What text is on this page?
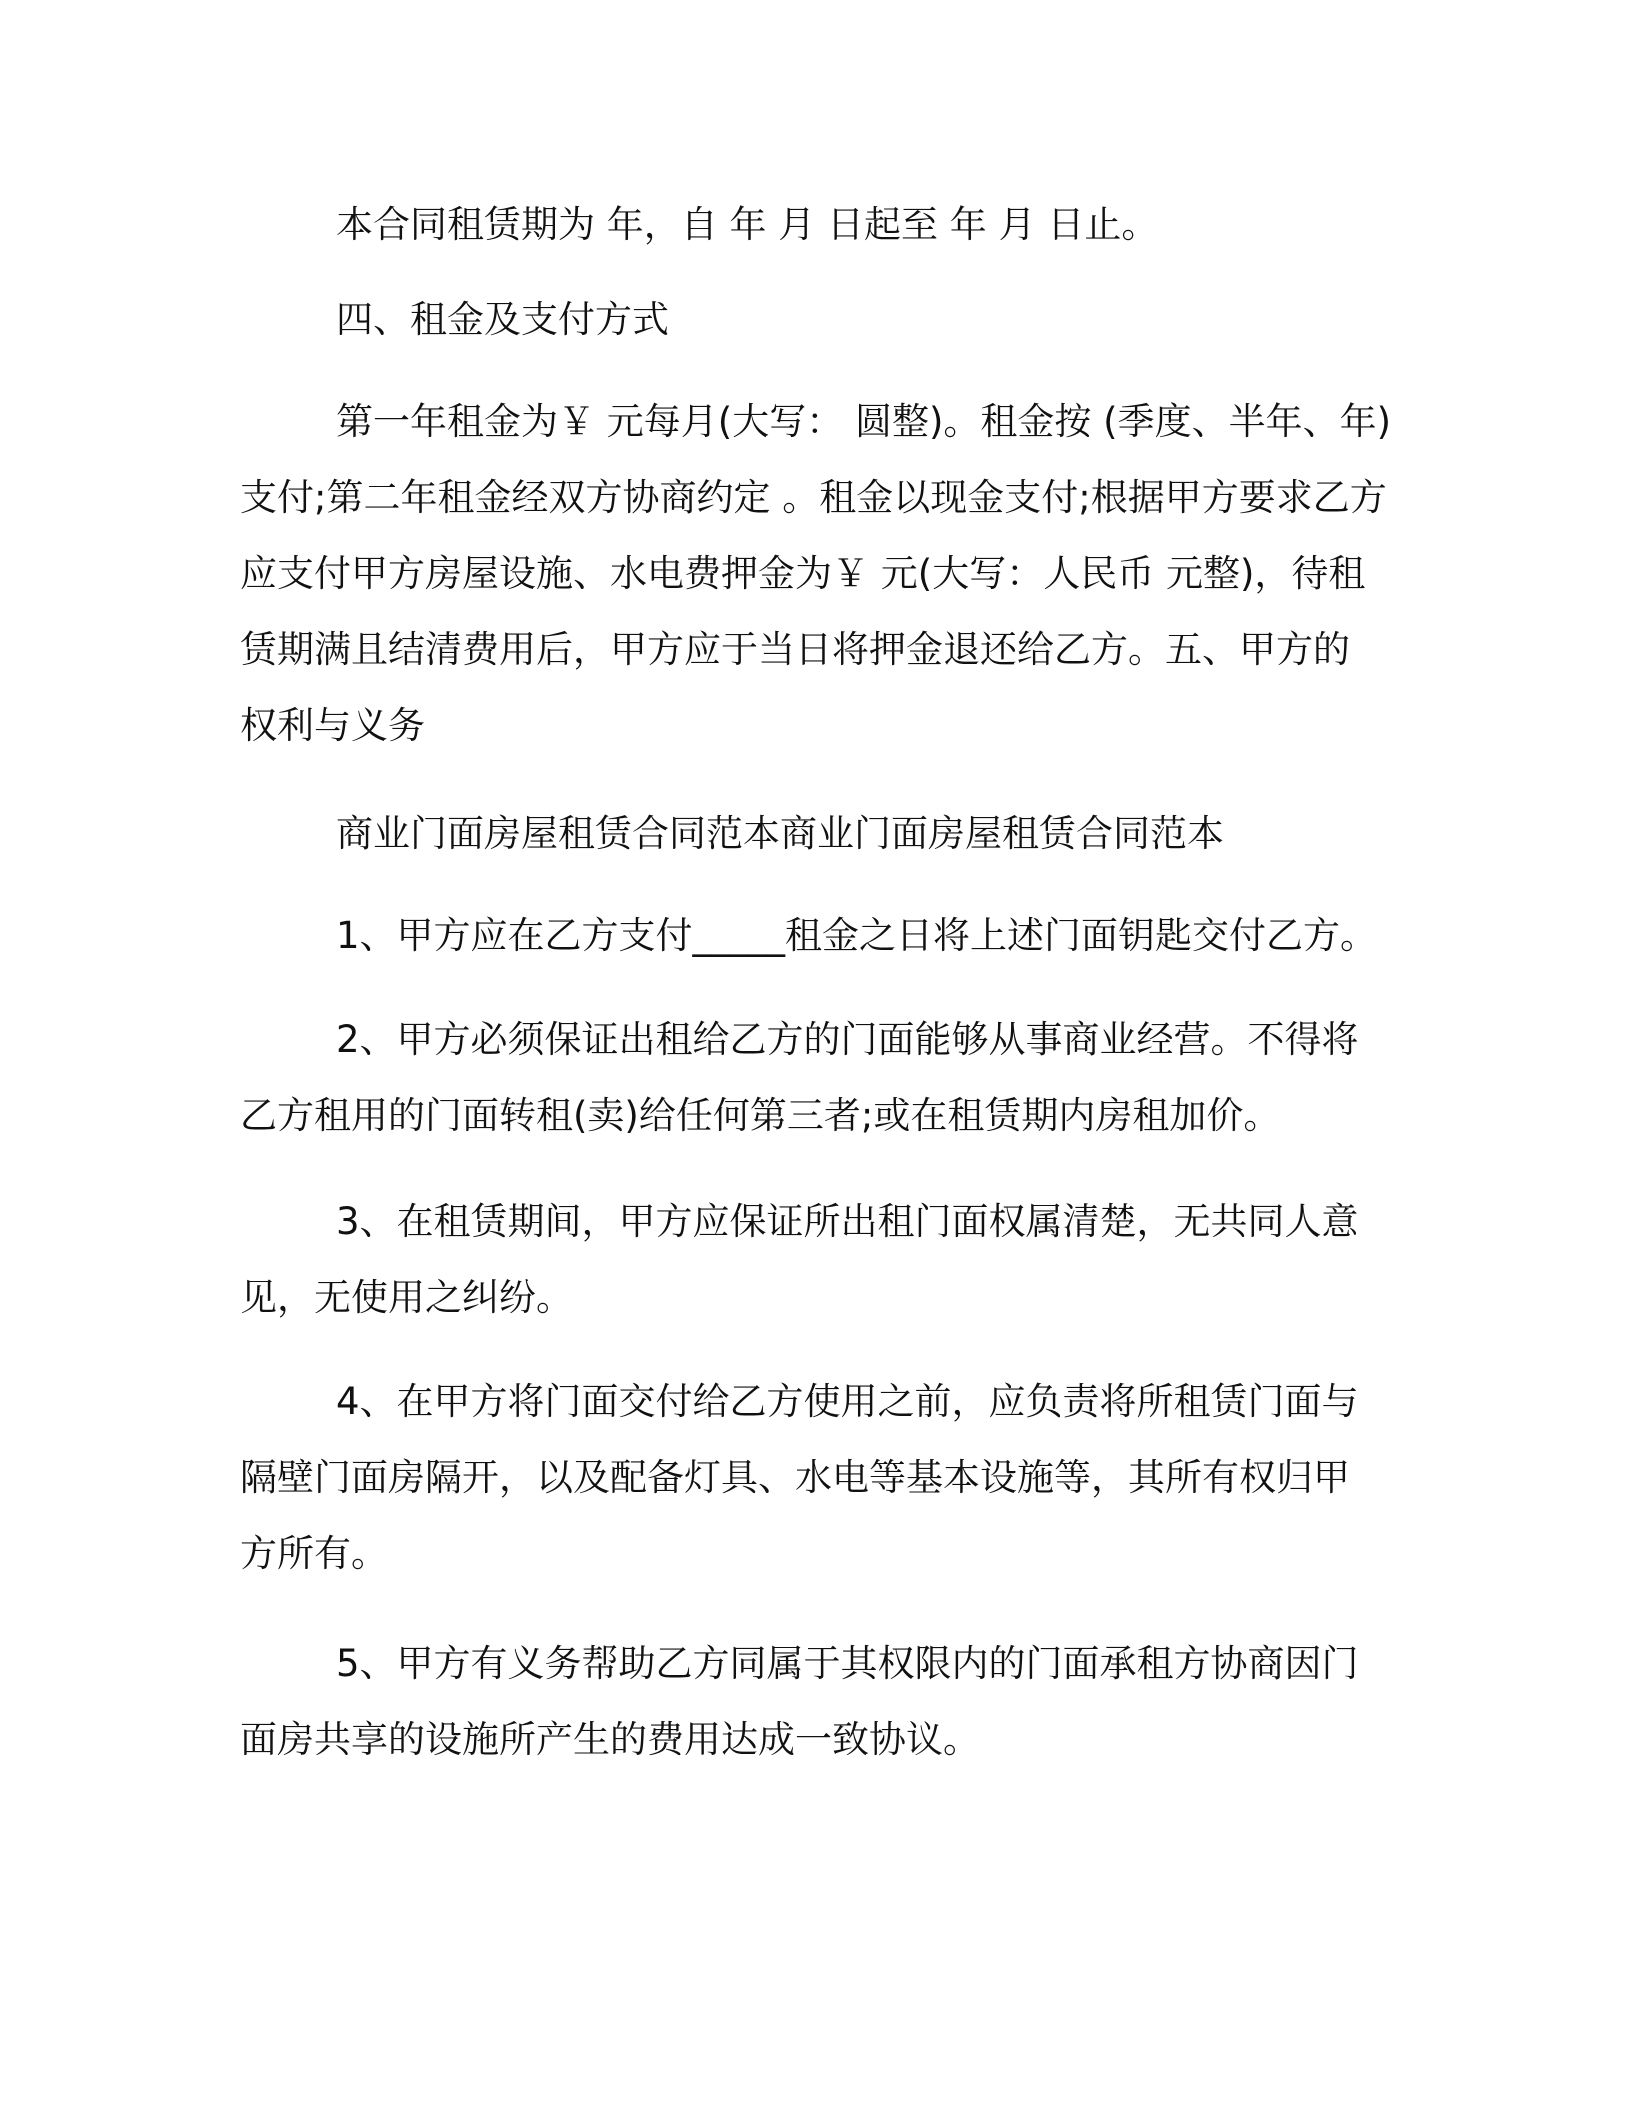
本合同租赁期为 年，自 年 月 日起至 年 月 日止。
四、租金及支付方式
第一年租金为￥ 元每月(大写： 圆整)。租金按 (季度、半年、年)
支付;第二年租金经双方协商约定 。租金以现金支付;根据甲方要求乙方
应支付甲方房屋设施、水电费押金为￥ 元(大写：人民币 元整)，待租
赁期满且结清费用后，甲方应于当日将押金退还给乙方。五、甲方的
权利与义务
商业门面房屋租赁合同范本商业门面房屋租赁合同范本
1、甲方应在乙方支付_____租金之日将上述门面钥匙交付乙方。
2、甲方必须保证出租给乙方的门面能够从事商业经营。不得将
乙方租用的门面转租(卖)给任何第三者;或在租赁期内房租加价。
3、在租赁期间，甲方应保证所出租门面权属清楚，无共同人意
见，无使用之纠纷。
4、在甲方将门面交付给乙方使用之前，应负责将所租赁门面与
隔壁门面房隔开，以及配备灯具、水电等基本设施等，其所有权归甲
方所有。
5、甲方有义务帮助乙方同属于其权限内的门面承租方协商因门
面房共享的设施所产生的费用达成一致协议。
